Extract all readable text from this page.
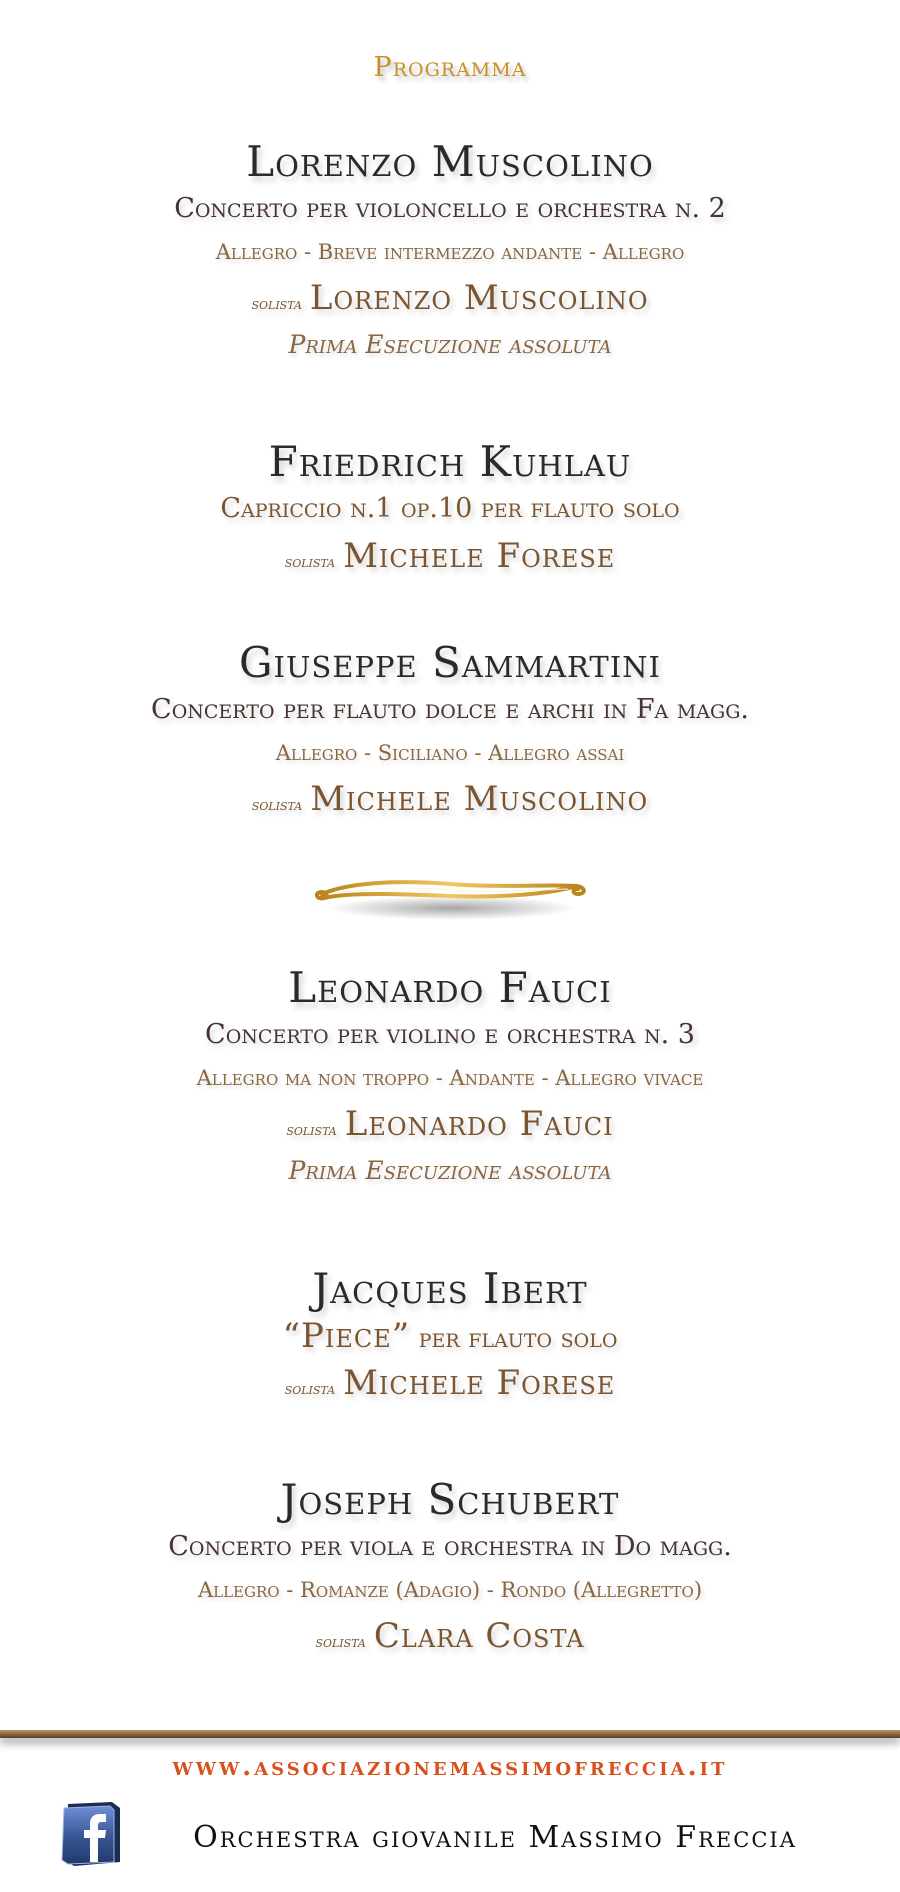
Programma
Lorenzo Muscolino
Concerto per violoncello e orchestra n. 2
Allegro - Breve intermezzo andante - Allegro
solista Lorenzo Muscolino
Prima Esecuzione assoluta
Friedrich Kuhlau
Capriccio n.1 op.10 per flauto solo
solista Michele Forese
Giuseppe Sammartini
Concerto per flauto dolce e archi in Fa magg.
Allegro - Siciliano - Allegro assai
solista Michele Muscolino
Leonardo Fauci
Concerto per violino e orchestra n. 3
Allegro ma non troppo - Andante - Allegro vivace
solista Leonardo Fauci
Prima Esecuzione assoluta
Jacques Ibert
“Piece” per flauto solo
solista Michele Forese
Joseph Schubert
Concerto per viola e orchestra in Do magg.
Allegro - Romanze (Adagio) - Rondo (Allegretto)
solista Clara Costa
www.associazionemassimofreccia.it
Orchestra giovanile Massimo Freccia
